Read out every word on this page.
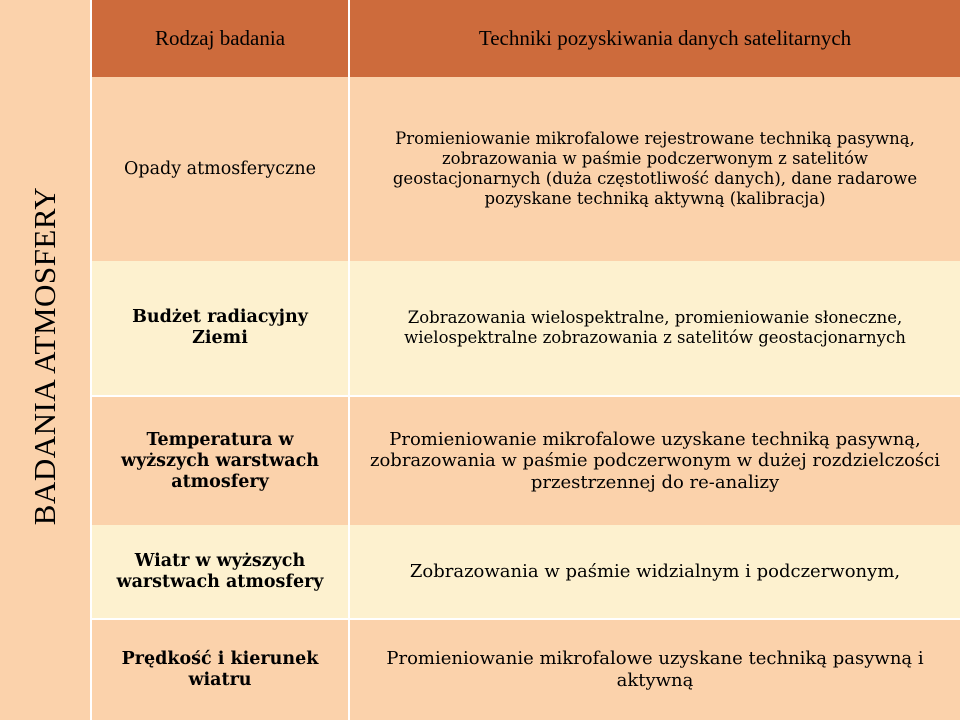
BADANIA ATMOSFERY
Rodzaj badania	Techniki pozyskiwania danych satelitarnych
Opady atmosferyczne
Promieniowanie mikrofalowe rejestrowane techniką pasywną, zobrazowania w paśmie podczerwonym z satelitów geostacjonarnych (duża częstotliwość danych), dane radarowe pozyskane techniką aktywną (kalibracja)
Budżet radiacyjny Ziemi
Zobrazowania wielospektralne, promieniowanie słoneczne, wielospektralne zobrazowania z satelitów geostacjonarnych
Temperatura w wyższych warstwach atmosfery
Promieniowanie mikrofalowe uzyskane techniką pasywną, zobrazowania w paśmie podczerwonym w dużej rozdzielczości przestrzennej do re-analizy
Wiatr w wyższych warstwach atmosfery	Zobrazowania w paśmie widzialnym i podczerwonym,
Prędkość i kierunek wiatru
Promieniowanie mikrofalowe uzyskane techniką pasywną i aktywną
